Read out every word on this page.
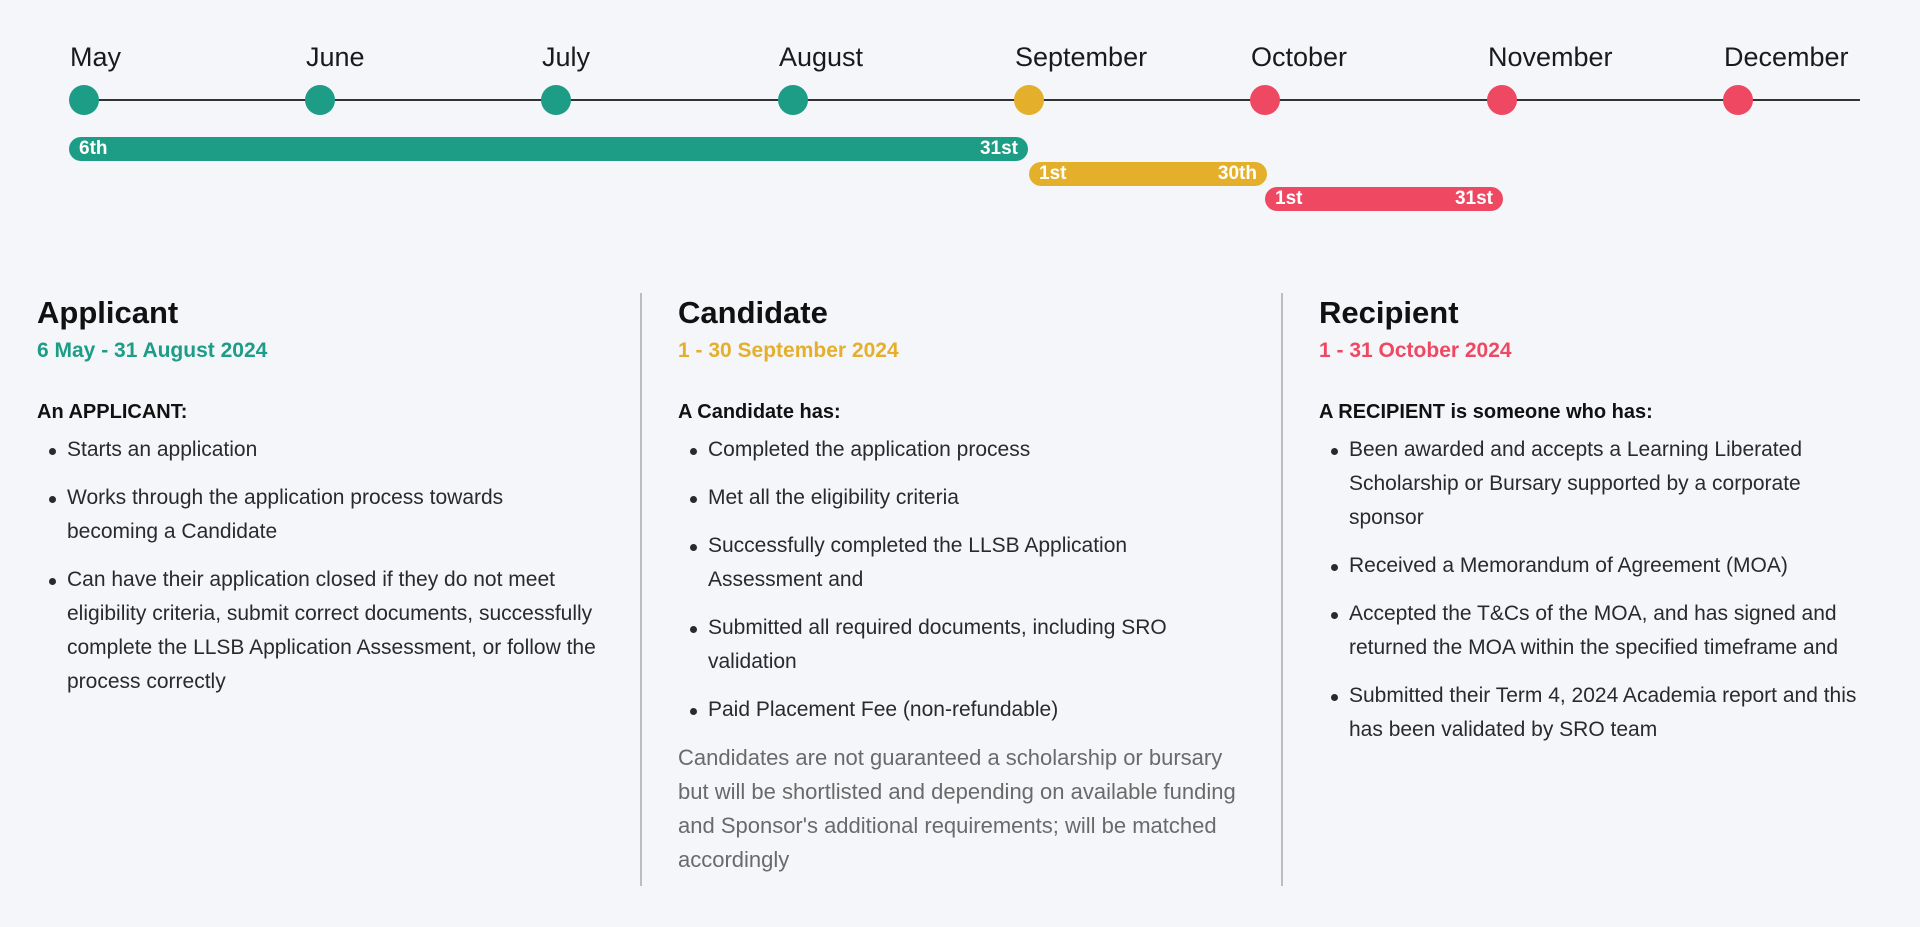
May	June	July	August	September	October	November	December
6th	31st
1st	30th
1st	31st
Applicant
6 May - 31 August 2024
An APPLICANT:
Starts an application
Works through the application process towards becoming a Candidate
Can have their application closed if they do not meet eligibility criteria, submit correct documents, successfully complete the LLSB Application Assessment, or follow the process correctly
Candidate
1 - 30 September 2024
A Candidate has:
Completed the application process
Met all the eligibility criteria
Successfully completed the LLSB Application Assessment and
Submitted all required documents, including SRO validation
Paid Placement Fee (non-refundable)
Candidates are not guaranteed a scholarship or bursary but will be shortlisted and depending on available funding and Sponsor's additional requirements; will be matched accordingly
Recipient
1 - 31 October 2024
A RECIPIENT is someone who has:
Been awarded and accepts a Learning Liberated Scholarship or Bursary supported by a corporate sponsor
Received a Memorandum of Agreement (MOA)
Accepted the T&Cs of the MOA, and has signed and returned the MOA within the specified timeframe and
Submitted their Term 4, 2024 Academia report and this has been validated by SRO team
